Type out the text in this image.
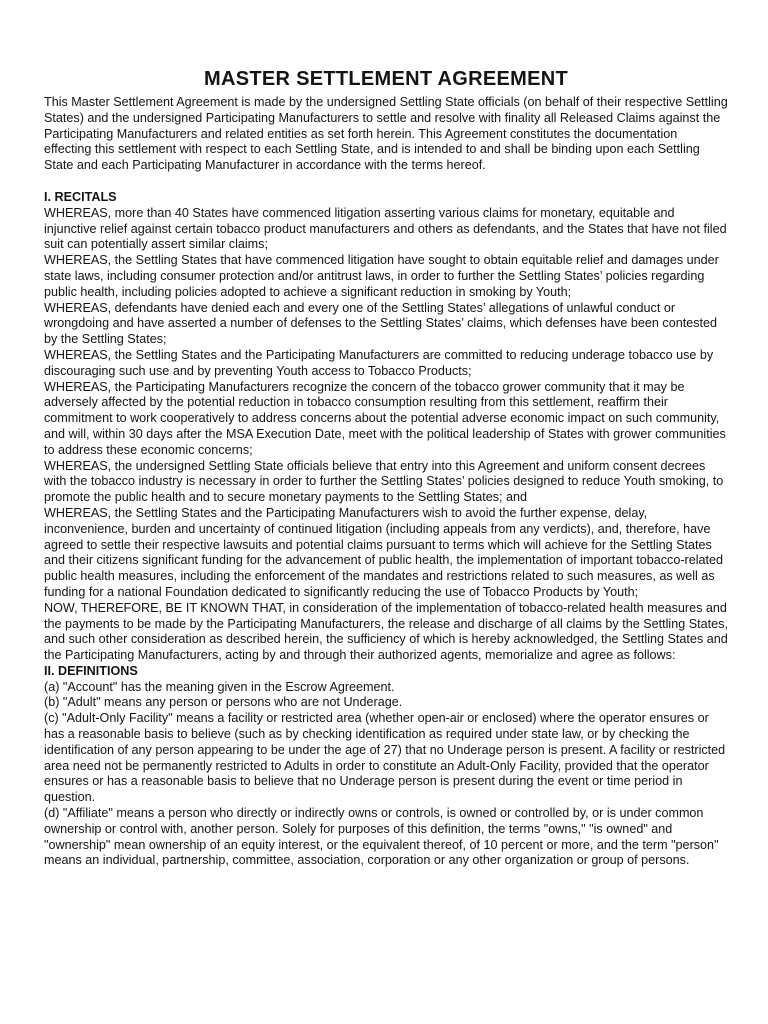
MASTER SETTLEMENT AGREEMENT

This Master Settlement Agreement is made by the undersigned Settling State officials (on behalf of their respective Settling States) and the undersigned Participating Manufacturers to settle and resolve with finality all Released Claims against the Participating Manufacturers and related entities as set forth herein. This Agreement constitutes the documentation effecting this settlement with respect to each Settling State, and is intended to and shall be binding upon each Settling State and each Participating Manufacturer in accordance with the terms hereof.

I. RECITALS

WHEREAS, more than 40 States have commenced litigation asserting various claims for monetary, equitable and injunctive relief against certain tobacco product manufacturers and others as defendants, and the States that have not filed suit can potentially assert similar claims;

WHEREAS, the Settling States that have commenced litigation have sought to obtain equitable relief and damages under state laws, including consumer protection and/or antitrust laws, in order to further the Settling States’ policies regarding public health, including policies adopted to achieve a significant reduction in smoking by Youth;

WHEREAS, defendants have denied each and every one of the Settling States’ allegations of unlawful conduct or wrongdoing and have asserted a number of defenses to the Settling States’ claims, which defenses have been contested by the Settling States;

WHEREAS, the Settling States and the Participating Manufacturers are committed to reducing underage tobacco use by discouraging such use and by preventing Youth access to Tobacco Products;

WHEREAS, the Participating Manufacturers recognize the concern of the tobacco grower community that it may be adversely affected by the potential reduction in tobacco consumption resulting from this settlement, reaffirm their commitment to work cooperatively to address concerns about the potential adverse economic impact on such community, and will, within 30 days after the MSA Execution Date, meet with the political leadership of States with grower communities to address these economic concerns;

WHEREAS, the undersigned Settling State officials believe that entry into this Agreement and uniform consent decrees with the tobacco industry is necessary in order to further the Settling States’ policies designed to reduce Youth smoking, to promote the public health and to secure monetary payments to the Settling States; and

WHEREAS, the Settling States and the Participating Manufacturers wish to avoid the further expense, delay, inconvenience, burden and uncertainty of continued litigation (including appeals from any verdicts), and, therefore, have agreed to settle their respective lawsuits and potential claims pursuant to terms which will achieve for the Settling States and their citizens significant funding for the advancement of public health, the implementation of important tobacco-related public health measures, including the enforcement of the mandates and restrictions related to such measures, as well as funding for a national Foundation dedicated to significantly reducing the use of Tobacco Products by Youth;

NOW, THEREFORE, BE IT KNOWN THAT, in consideration of the implementation of tobacco-related health measures and the payments to be made by the Participating Manufacturers, the release and discharge of all claims by the Settling States, and such other consideration as described herein, the sufficiency of which is hereby acknowledged, the Settling States and the Participating Manufacturers, acting by and through their authorized agents, memorialize and agree as follows:

II. DEFINITIONS

(a) "Account" has the meaning given in the Escrow Agreement.

(b) "Adult" means any person or persons who are not Underage.

(c) "Adult-Only Facility" means a facility or restricted area (whether open-air or enclosed) where the operator ensures or has a reasonable basis to believe (such as by checking identification as required under state law, or by checking the identification of any person appearing to be under the age of 27) that no Underage person is present. A facility or restricted area need not be permanently restricted to Adults in order to constitute an Adult-Only Facility, provided that the operator ensures or has a reasonable basis to believe that no Underage person is present during the event or time period in question.

(d) "Affiliate" means a person who directly or indirectly owns or controls, is owned or controlled by, or is under common ownership or control with, another person. Solely for purposes of this definition, the terms "owns," "is owned" and "ownership" mean ownership of an equity interest, or the equivalent thereof, of 10 percent or more, and the term "person" means an individual, partnership, committee, association, corporation or any other organization or group of persons.
